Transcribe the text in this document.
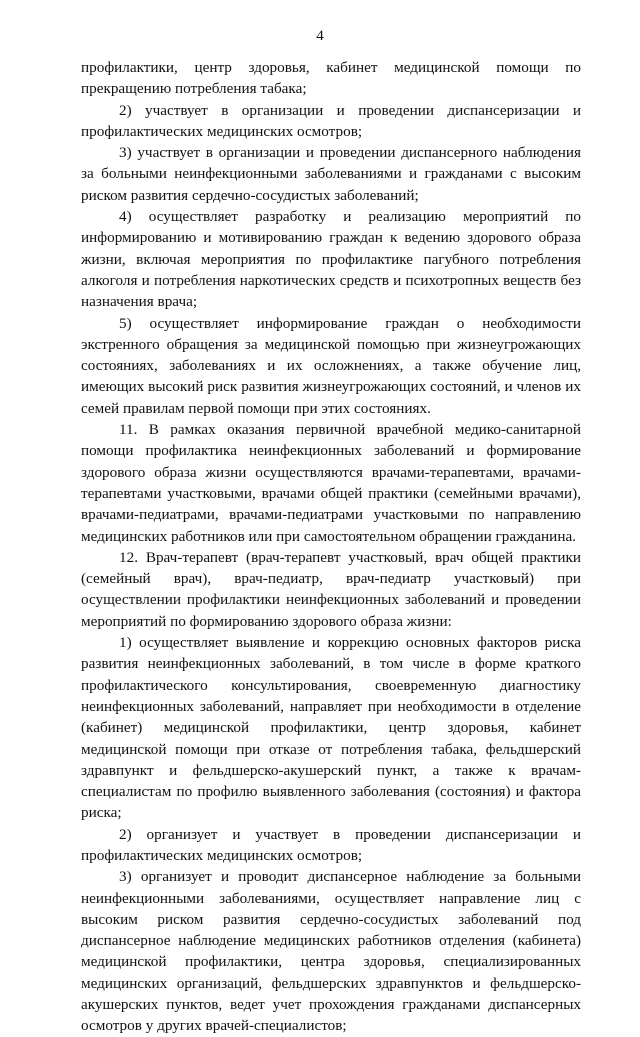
4

профилактики, центр здоровья, кабинет медицинской помощи по прекращению потребления табака;

2) участвует в организации и проведении диспансеризации и профилактических медицинских осмотров;

3) участвует в организации и проведении диспансерного наблюдения за больными неинфекционными заболеваниями и гражданами с высоким риском развития сердечно-сосудистых заболеваний;

4) осуществляет разработку и реализацию мероприятий по информированию и мотивированию граждан к ведению здорового образа жизни, включая мероприятия по профилактике пагубного потребления алкоголя и потребления наркотических средств и психотропных веществ без назначения врача;

5) осуществляет информирование граждан о необходимости экстренного обращения за медицинской помощью при жизнеугрожающих состояниях, заболеваниях и их осложнениях, а также обучение лиц, имеющих высокий риск развития жизнеугрожающих состояний, и членов их семей правилам первой помощи при этих состояниях.

11. В рамках оказания первичной врачебной медико-санитарной помощи профилактика неинфекционных заболеваний и формирование здорового образа жизни осуществляются врачами-терапевтами, врачами-терапевтами участковыми, врачами общей практики (семейными врачами), врачами-педиатрами, врачами-педиатрами участковыми по направлению медицинских работников или при самостоятельном обращении гражданина.

12. Врач-терапевт (врач-терапевт участковый, врач общей практики (семейный врач), врач-педиатр, врач-педиатр участковый) при осуществлении профилактики неинфекционных заболеваний и проведении мероприятий по формированию здорового образа жизни:

1) осуществляет выявление и коррекцию основных факторов риска развития неинфекционных заболеваний, в том числе в форме краткого профилактического консультирования, своевременную диагностику неинфекционных заболеваний, направляет при необходимости в отделение (кабинет) медицинской профилактики, центр здоровья, кабинет медицинской помощи при отказе от потребления табака, фельдшерский здравпункт и фельдшерско-акушерский пункт, а также к врачам-специалистам по профилю выявленного заболевания (состояния) и фактора риска;

2) организует и участвует в проведении диспансеризации и профилактических медицинских осмотров;

3) организует и проводит диспансерное наблюдение за больными неинфекционными заболеваниями, осуществляет направление лиц с высоким риском развития сердечно-сосудистых заболеваний под диспансерное наблюдение медицинских работников отделения (кабинета) медицинской профилактики, центра здоровья, специализированных медицинских организаций, фельдшерских здравпунктов и фельдшерско-акушерских пунктов, ведет учет прохождения гражданами диспансерных осмотров у других врачей-специалистов;
